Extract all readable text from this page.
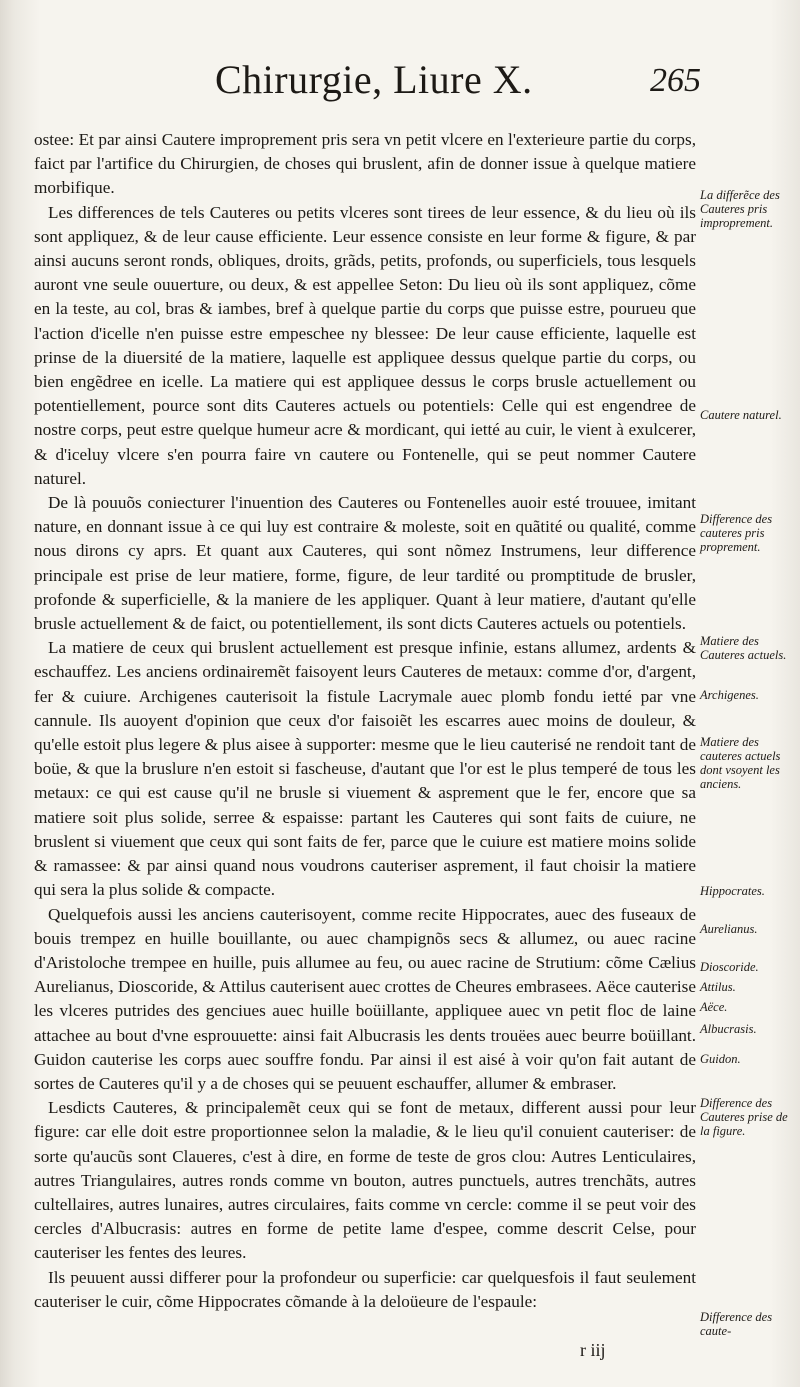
Chirurgie, Liure X.	265

ostee: Et par ainsi Cautere improprement pris sera vn petit vlcere en l'exterieure partie du corps, faict par l'artifice du Chirurgien, de choses qui bruslent, afin de donner issue à quelque matiere morbifique.

Les differences de tels Cauteres ou petits vlceres sont tirees de leur essence, & du lieu où ils sont appliquez, & de leur cause efficiente. Leur essence consiste en leur forme & figure, & par ainsi aucuns seront ronds, obliques, droits, grãds, petits, profonds, ou superficiels, tous lesquels auront vne seule ouuerture, ou deux, & est appellee Seton: Du lieu où ils sont appliquez, cõme en la teste, au col, bras & iambes, bref à quelque partie du corps que puisse estre, pourueu que l'action d'icelle n'en puisse estre empeschee ny blessee: De leur cause efficiente, laquelle est prinse de la diuersité de la matiere, laquelle est appliquee dessus quelque partie du corps, ou bien engẽdree en icelle. La matiere qui est appliquee dessus le corps brusle actuellement ou potentiellement, pource sont dits Cauteres actuels ou potentiels: Celle qui est engendree de nostre corps, peut estre quelque humeur acre & mordicant, qui ietté au cuir, le vient à exulcerer, & d'iceluy vlcere s'en pourra faire vn cautere ou Fontenelle, qui se peut nommer Cautere naturel.

De là pouuõs coniecturer l'inuention des Cauteres ou Fontenelles auoir esté trouuee, imitant nature, en donnant issue à ce qui luy est contraire & moleste, soit en quãtité ou qualité, comme nous dirons cy aprs. Et quant aux Cauteres, qui sont nõmez Instrumens, leur difference principale est prise de leur matiere, forme, figure, de leur tardité ou promptitude de brusler, profonde & superficielle, & la maniere de les appliquer. Quant à leur matiere, d'autant qu'elle brusle actuellement & de faict, ou potentiellement, ils sont dicts Cauteres actuels ou potentiels.

La matiere de ceux qui bruslent actuellement est presque infinie, estans allumez, ardents & eschauffez. Les anciens ordinairemẽt faisoyent leurs Cauteres de metaux: comme d'or, d'argent, fer & cuiure. Archigenes cauterisoit la fistule Lacrymale auec plomb fondu ietté par vne cannule. Ils auoyent d'opinion que ceux d'or faisoiẽt les escarres auec moins de douleur, & qu'elle estoit plus legere & plus aisee à supporter: mesme que le lieu cauterisé ne rendoit tant de boüe, & que la bruslure n'en estoit si fascheuse, d'autant que l'or est le plus temperé de tous les metaux: ce qui est cause qu'il ne brusle si viuement & asprement que le fer, encore que sa matiere soit plus solide, serree & espaisse: partant les Cauteres qui sont faits de cuiure, ne bruslent si viuement que ceux qui sont faits de fer, parce que le cuiure est matiere moins solide & ramassee: & par ainsi quand nous voudrons cauteriser asprement, il faut choisir la matiere qui sera la plus solide & compacte.

Quelquefois aussi les anciens cauterisoyent, comme recite Hippocrates, auec des fuseaux de bouis trempez en huille bouillante, ou auec champignõs secs & allumez, ou auec racine d'Aristoloche trempee en huille, puis allumee au feu, ou auec racine de Strutium: cõme Cælius Aurelianus, Dioscoride, & Attilus cauterisent auec crottes de Cheures embrasees. Aëce cauterise les vlceres putrides des genciues auec huille boüillante, appliquee auec vn petit floc de laine attachee au bout d'vne esprouuette: ainsi fait Albucrasis les dents trouëes auec beurre boüillant. Guidon cauterise les corps auec souffre fondu. Par ainsi il est aisé à voir qu'on fait autant de sortes de Cauteres qu'il y a de choses qui se peuuent eschauffer, allumer & embraser.

Lesdicts Cauteres, & principalemẽt ceux qui se font de metaux, different aussi pour leur figure: car elle doit estre proportionnee selon la maladie, & le lieu qu'il conuient cauteriser: de sorte qu'aucũs sont Claueres, c'est à dire, en forme de teste de gros clou: Autres Lenticulaires, autres Triangulaires, autres ronds comme vn bouton, autres punctuels, autres trenchãts, autres cultellaires, autres lunaires, autres circulaires, faits comme vn cercle: comme il se peut voir des cercles d'Albucrasis: autres en forme de petite lame d'espee, comme descrit Celse, pour cauteriser les fentes des leures.

Ils peuuent aussi differer pour la profondeur ou superficie: car quelquesfois il faut seulement cauteriser le cuir, cõme Hippocrates cõmande à la deloüeure de l'espaule:

La differẽce des Cauteres pris improprement.
Cautere naturel.
Difference des cauteres pris proprement.
Matiere des Cauteres actuels.
Archigenes.
Matiere des cauteres actuels dont vsoyent les anciens.
Hippocrates.
Aurelianus.
Dioscoride.
Attilus.
Aëce.
Albucrasis.
Guidon.
Difference des Cauteres prise de la figure.
Difference des caute-
r iij
